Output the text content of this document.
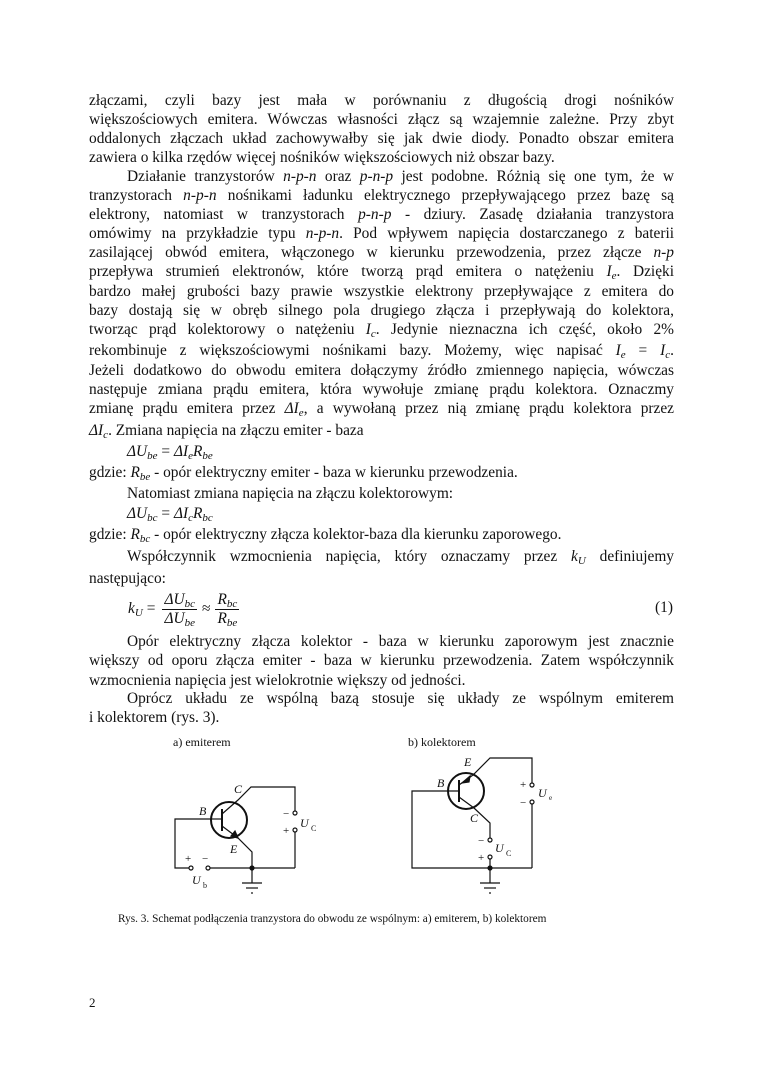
złączami, czyli bazy jest mała w porównaniu z długością drogi nośników
większościowych emitera. Wówczas własności złącz są wzajemnie zależne. Przy zbyt
oddalonych złączach układ zachowywałby się jak dwie diody. Ponadto obszar emitera
zawiera o kilka rzędów więcej nośników większościowych niż obszar bazy.
Działanie tranzystorów n-p-n oraz p-n-p jest podobne. Różnią się one tym, że w
tranzystorach n-p-n nośnikami ładunku elektrycznego przepływającego przez bazę są
elektrony, natomiast w tranzystorach p-n-p - dziury. Zasadę działania tranzystora
omówimy na przykładzie typu n-p-n. Pod wpływem napięcia dostarczanego z baterii
zasilającej obwód emitera, włączonego w kierunku przewodzenia, przez złącze n-p
przepływa strumień elektronów, które tworzą prąd emitera o natężeniu $I_e$. Dzięki
bardzo małej grubości bazy prawie wszystkie elektrony przepływające z emitera do
bazy dostają się w obręb silnego pola drugiego złącza i przepływają do kolektora,
tworząc prąd kolektorowy o natężeniu $I_c$. Jedynie nieznaczna ich część, około 2%
rekombinuje z większościowymi nośnikami bazy. Możemy, więc napisać $I_e = I_c$.
Jeżeli dodatkowo do obwodu emitera dołączymy źródło zmiennego napięcia, wówczas
następuje zmiana prądu emitera, która wywołuje zmianę prądu kolektora. Oznaczmy
zmianę prądu emitera przez $\Delta I_e$, a wywołaną przez nią zmianę prądu kolektora przez
$\Delta I_c$. Zmiana napięcia na złączu emiter - baza
$\Delta U_{be} = \Delta I_eR_{be}$
gdzie: $R_{be}$ - opór elektryczny emiter - baza w kierunku przewodzenia.
Natomiast zmiana napięcia na złączu kolektorowym:
$\Delta U_{bc} = \Delta I_cR_{bc}$
gdzie: $R_{bc}$ - opór elektryczny złącza kolektor-baza dla kierunku zaporowego.
Współczynnik wzmocnienia napięcia, który oznaczamy przez $k_U$ definiujemy
następująco:
Opór elektryczny złącza kolektor - baza w kierunku zaporowym jest znacznie
większy od oporu złącza emiter - baza w kierunku przewodzenia. Zatem współczynnik
wzmocnienia napięcia jest wielokrotnie większy od jedności.
Oprócz układu ze wspólną bazą stosuje się układy ze wspólnym emiterem
i kolektorem (rys. 3).
$k_U = \frac{\Delta U_{bc}}{\Delta U_{be}} \approx \frac{R_{bc}}{R_{be}}$	(1)
a) emiterem	b) kolektorem
B
C
E
−
+
U C
+ −
U b
B
E
C
+
−
U e
−
+
U C
Rys. 3. Schemat podłączenia tranzystora do obwodu ze wspólnym: a) emiterem, b) kolektorem
2
